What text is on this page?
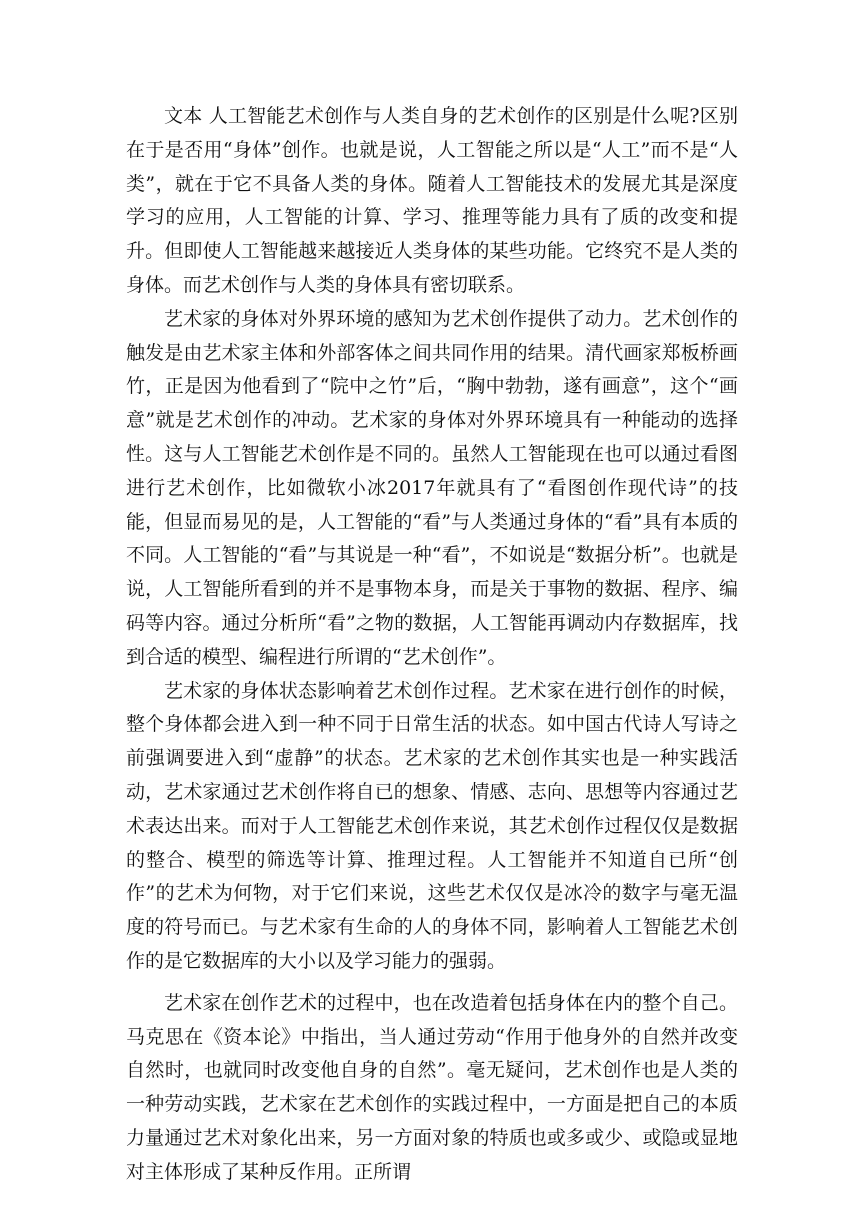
文本 人工智能艺术创作与人类自身的艺术创作的区别是什么呢?区别在于是否用“身体”创作。也就是说，人工智能之所以是“人工”而不是“人类”，就在于它不具备人类的身体。随着人工智能技术的发展尤其是深度学习的应用，人工智能的计算、学习、推理等能力具有了质的改变和提升。但即使人工智能越来越接近人类身体的某些功能。它终究不是人类的身体。而艺术创作与人类的身体具有密切联系。

艺术家的身体对外界环境的感知为艺术创作提供了动力。艺术创作的触发是由艺术家主体和外部客体之间共同作用的结果。清代画家郑板桥画竹，正是因为他看到了“院中之竹”后，“胸中勃勃，遂有画意”，这个“画意”就是艺术创作的冲动。艺术家的身体对外界环境具有一种能动的选择性。这与人工智能艺术创作是不同的。虽然人工智能现在也可以通过看图进行艺术创作，比如微软小冰2017年就具有了“看图创作现代诗”的技能，但显而易见的是，人工智能的“看”与人类通过身体的“看”具有本质的不同。人工智能的“看”与其说是一种“看”，不如说是“数据分析”。也就是说，人工智能所看到的并不是事物本身，而是关于事物的数据、程序、编码等内容。通过分析所“看”之物的数据，人工智能再调动内存数据库，找到合适的模型、编程进行所谓的“艺术创作”。

艺术家的身体状态影响着艺术创作过程。艺术家在进行创作的时候，整个身体都会进入到一种不同于日常生活的状态。如中国古代诗人写诗之前强调要进入到“虚静”的状态。艺术家的艺术创作其实也是一种实践活动，艺术家通过艺术创作将自已的想象、情感、志向、思想等内容通过艺术表达出来。而对于人工智能艺术创作来说，其艺术创作过程仅仅是数据的整合、模型的筛选等计算、推理过程。人工智能并不知道自已所“创作”的艺术为何物，对于它们来说，这些艺术仅仅是冰冷的数字与毫无温度的符号而已。与艺术家有生命的人的身体不同，影响着人工智能艺术创作的是它数据库的大小以及学习能力的强弱。

艺术家在创作艺术的过程中，也在改造着包括身体在内的整个自己。马克思在《资本论》中指出，当人通过劳动“作用于他身外的自然并改变自然时，也就同时改变他自身的自然”。毫无疑问，艺术创作也是人类的一种劳动实践，艺术家在艺术创作的实践过程中，一方面是把自己的本质力量通过艺术对象化出来，另一方面对象的特质也或多或少、或隐或显地对主体形成了某种反作用。正所谓
